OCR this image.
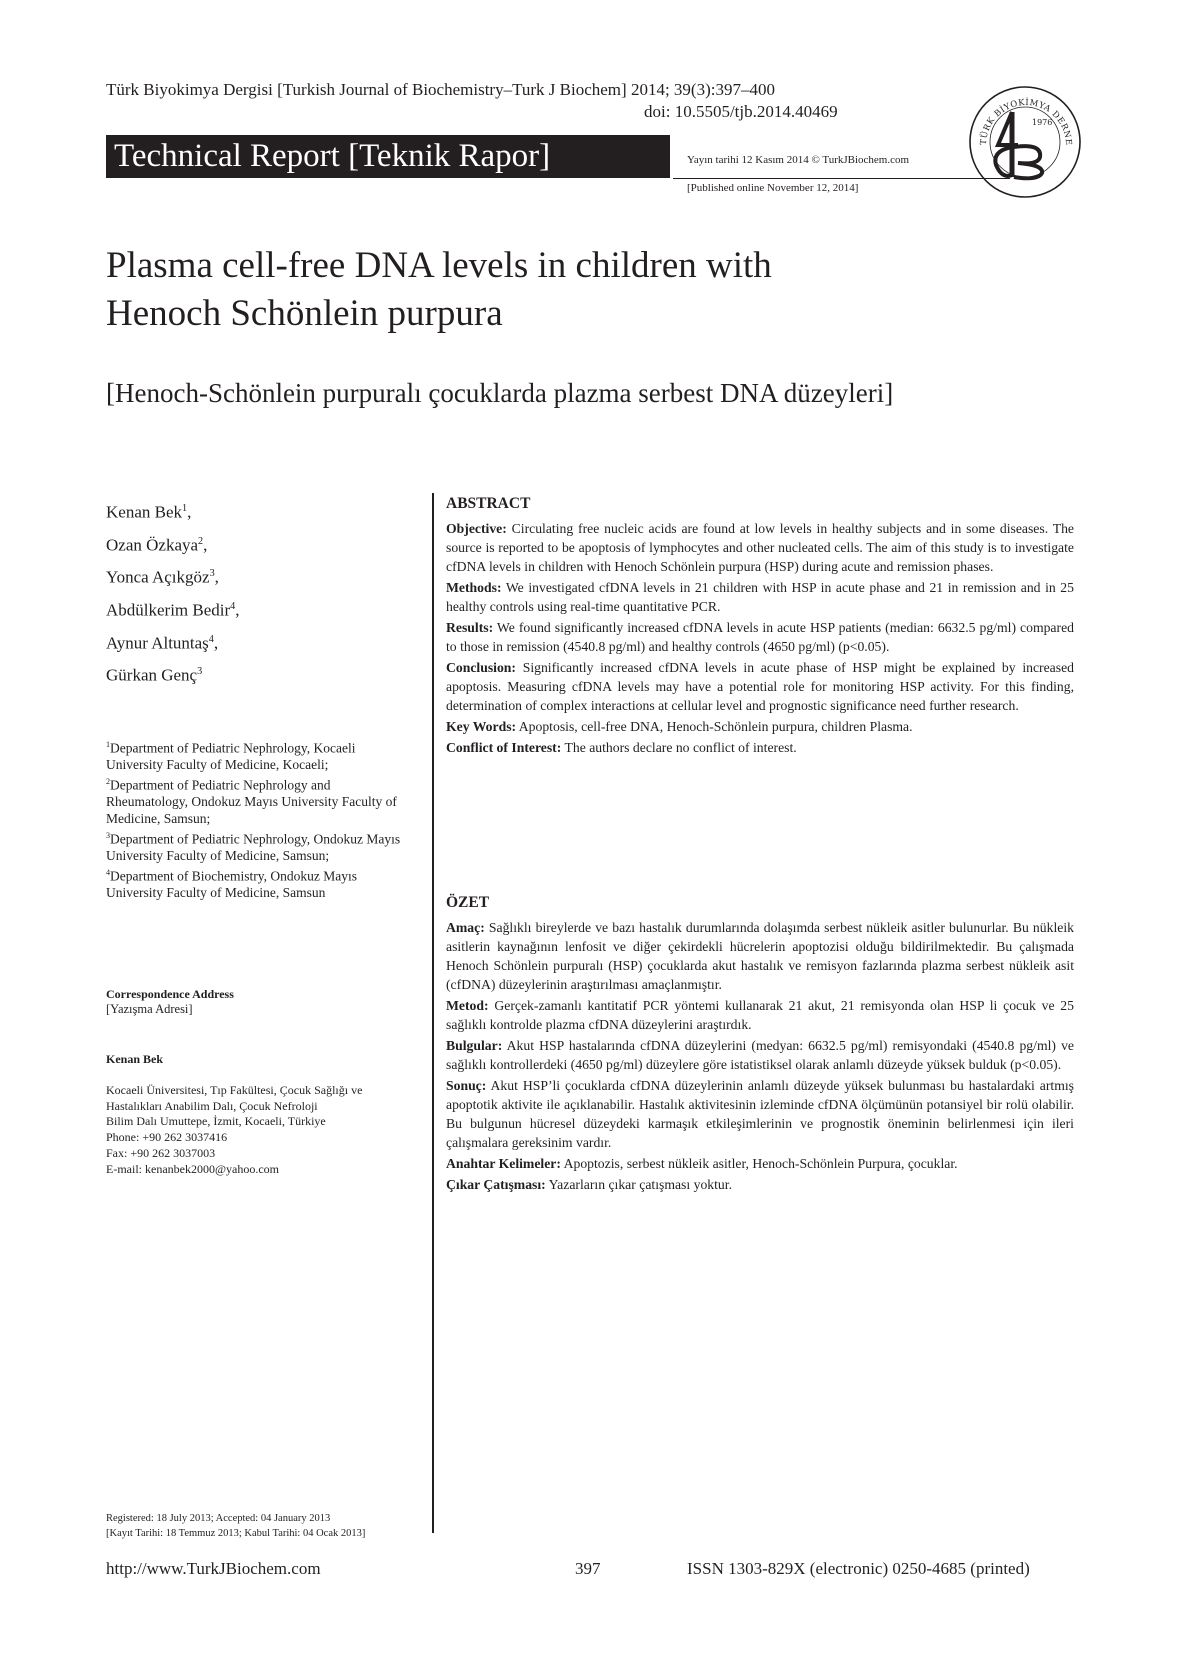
Türk Biyokimya Dergisi [Turkish Journal of Biochemistry–Turk J Biochem] 2014; 39(3):397–400
doi: 10.5505/tjb.2014.40469
Technical Report [Teknik Rapor]	Yayın tarihi 12 Kasım 2014 © TurkJBiochem.com
[Published online November 12, 2014]
TÜRK BİYOKİMYA DERNE
1976
Plasma cell-free DNA levels in children with
Henoch Schönlein purpura
[Henoch-Schönlein purpuralı çocuklarda plazma serbest DNA düzeyleri]
Kenan Bek$^1$,
Ozan Özkaya$^2$,
Yonca Açıkgöz$^3$,
Abdülkerim Bedir$^4$,
Aynur Altuntaş$^4$,
Gürkan Genç$^3$
$^1$Department of Pediatric Nephrology, Kocaeli University Faculty of Medicine, Kocaeli;
$^2$Department of Pediatric Nephrology and Rheumatology, Ondokuz Mayıs University Faculty of Medicine, Samsun;
$^3$Department of Pediatric Nephrology, Ondokuz Mayıs University Faculty of Medicine, Samsun;
$^4$Department of Biochemistry, Ondokuz Mayıs University Faculty of Medicine, Samsun
Correspondence Address
[Yazışma Adresi]
Kenan Bek
Kocaeli Üniversitesi, Tıp Fakültesi, Çocuk Sağlığı ve
Hastalıkları Anabilim Dalı, Çocuk Nefroloji
Bilim Dalı Umuttepe, İzmit, Kocaeli, Türkiye
Phone: +90 262 3037416
Fax: +90 262 3037003
E-mail: kenanbek2000@yahoo.com
Registered: 18 July 2013; Accepted: 04 January 2013
[Kayıt Tarihi: 18 Temmuz 2013; Kabul Tarihi: 04 Ocak 2013]
ABSTRACT
Objective: Circulating free nucleic acids are found at low levels in healthy subjects and in some diseases. The source is reported to be apoptosis of lymphocytes and other nucleated cells. The aim of this study is to investigate cfDNA levels in children with Henoch Schönlein purpura (HSP) during acute and remission phases.
Methods: We investigated cfDNA levels in 21 children with HSP in acute phase and 21 in remission and in 25 healthy controls using real-time quantitative PCR.
Results: We found significantly increased cfDNA levels in acute HSP patients (median: 6632.5 pg/ml) compared to those in remission (4540.8 pg/ml) and healthy controls (4650 pg/ml) (p<0.05).
Conclusion: Significantly increased cfDNA levels in acute phase of HSP might be explained by increased apoptosis. Measuring cfDNA levels may have a potential role for monitoring HSP activity. For this finding, determination of complex interactions at cellular level and prognostic significance need further research.
Key Words: Apoptosis, cell-free DNA, Henoch-Schönlein purpura, children Plasma.
Conflict of Interest: The authors declare no conflict of interest.
ÖZET
Amaç: Sağlıklı bireylerde ve bazı hastalık durumlarında dolaşımda serbest nükleik asitler bulunurlar. Bu nükleik asitlerin kaynağının lenfosit ve diğer çekirdekli hücrelerin apoptozisi olduğu bildirilmektedir. Bu çalışmada Henoch Schönlein purpuralı (HSP) çocuklarda akut hastalık ve remisyon fazlarında plazma serbest nükleik asit (cfDNA) düzeylerinin araştırılması amaçlanmıştır.
Metod: Gerçek-zamanlı kantitatif PCR yöntemi kullanarak 21 akut, 21 remisyonda olan HSP li çocuk ve 25 sağlıklı kontrolde plazma cfDNA düzeylerini araştırdık.
Bulgular: Akut HSP hastalarında cfDNA düzeylerini (medyan: 6632.5 pg/ml) remisyondaki (4540.8 pg/ml) ve sağlıklı kontrollerdeki (4650 pg/ml) düzeylere göre istatistiksel olarak anlamlı düzeyde yüksek bulduk (p<0.05).
Sonuç: Akut HSP’li çocuklarda cfDNA düzeylerinin anlamlı düzeyde yüksek bulunması bu hastalardaki artmış apoptotik aktivite ile açıklanabilir. Hastalık aktivitesinin izleminde cfDNA ölçümünün potansiyel bir rolü olabilir. Bu bulgunun hücresel düzeydeki karmaşık etkileşimlerinin ve prognostik öneminin belirlenmesi için ileri çalışmalara gereksinim vardır.
Anahtar Kelimeler: Apoptozis, serbest nükleik asitler, Henoch-Schönlein Purpura, çocuklar.
Çıkar Çatışması: Yazarların çıkar çatışması yoktur.
http://www.TurkJBiochem.com	397	ISSN 1303-829X (electronic) 0250-4685 (printed)
